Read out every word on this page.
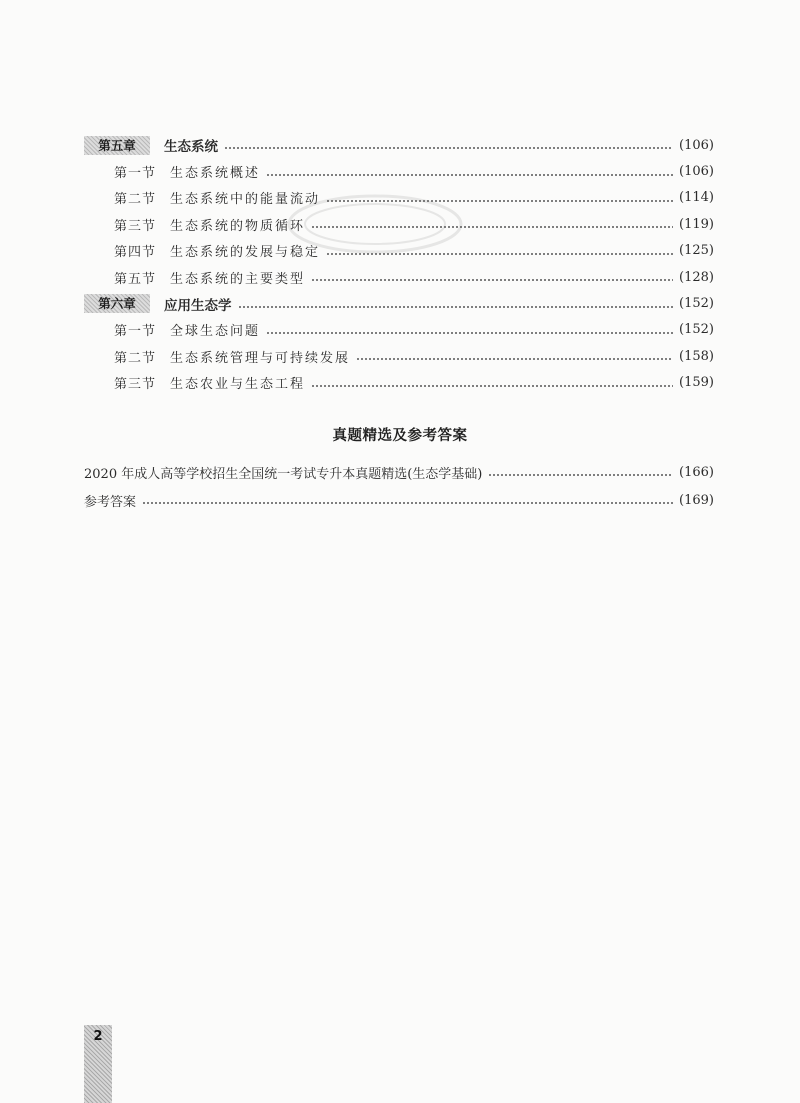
第五章	生态系统	(106)
第一节	生态系统概述	(106)
第二节	生态系统中的能量流动	(114)
第三节	生态系统的物质循环	(119)
第四节	生态系统的发展与稳定	(125)
第五节	生态系统的主要类型	(128)
第六章	应用生态学	(152)
第一节	全球生态问题	(152)
第二节	生态系统管理与可持续发展	(158)
第三节	生态农业与生态工程	(159)
真题精选及参考答案
2020 年成人高等学校招生全国统一考试专升本真题精选(生态学基础)	(166)
参考答案	(169)
2
